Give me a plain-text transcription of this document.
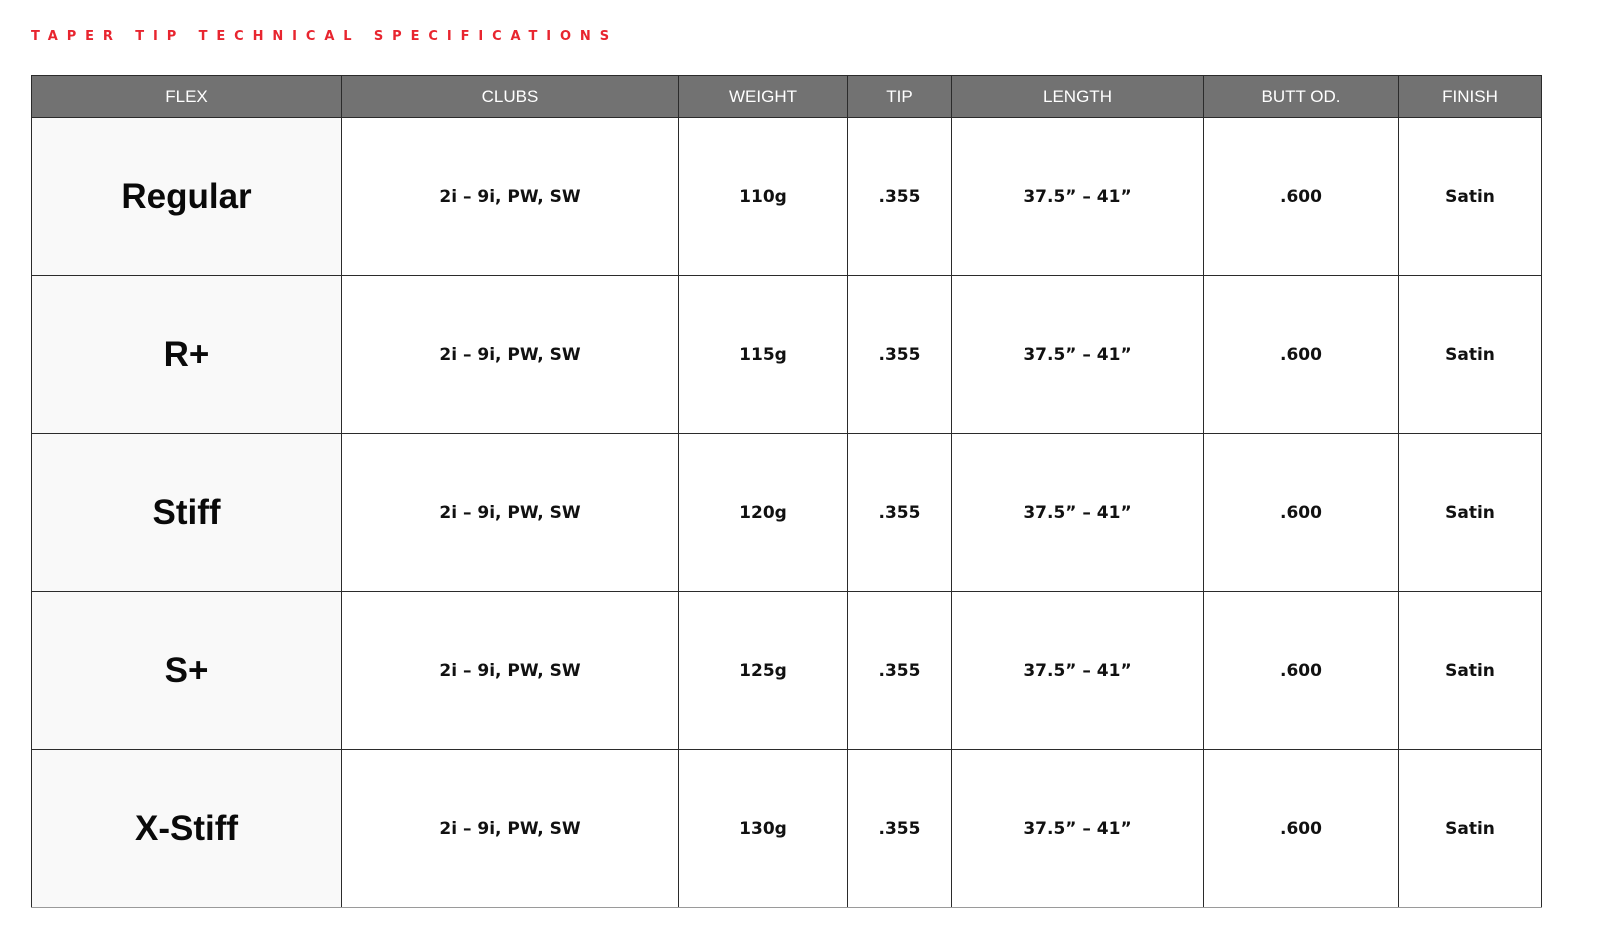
TAPER TIP TECHNICAL SPECIFICATIONS
FLEX	CLUBS	WEIGHT	TIP	LENGTH	BUTT OD.	FINISH
Regular	2i – 9i, PW, SW	110g	.355	37.5” – 41”	.600	Satin
R+	2i – 9i, PW, SW	115g	.355	37.5” – 41”	.600	Satin
Stiff	2i – 9i, PW, SW	120g	.355	37.5” – 41”	.600	Satin
S+	2i – 9i, PW, SW	125g	.355	37.5” – 41”	.600	Satin
X-Stiff	2i – 9i, PW, SW	130g	.355	37.5” – 41”	.600	Satin
